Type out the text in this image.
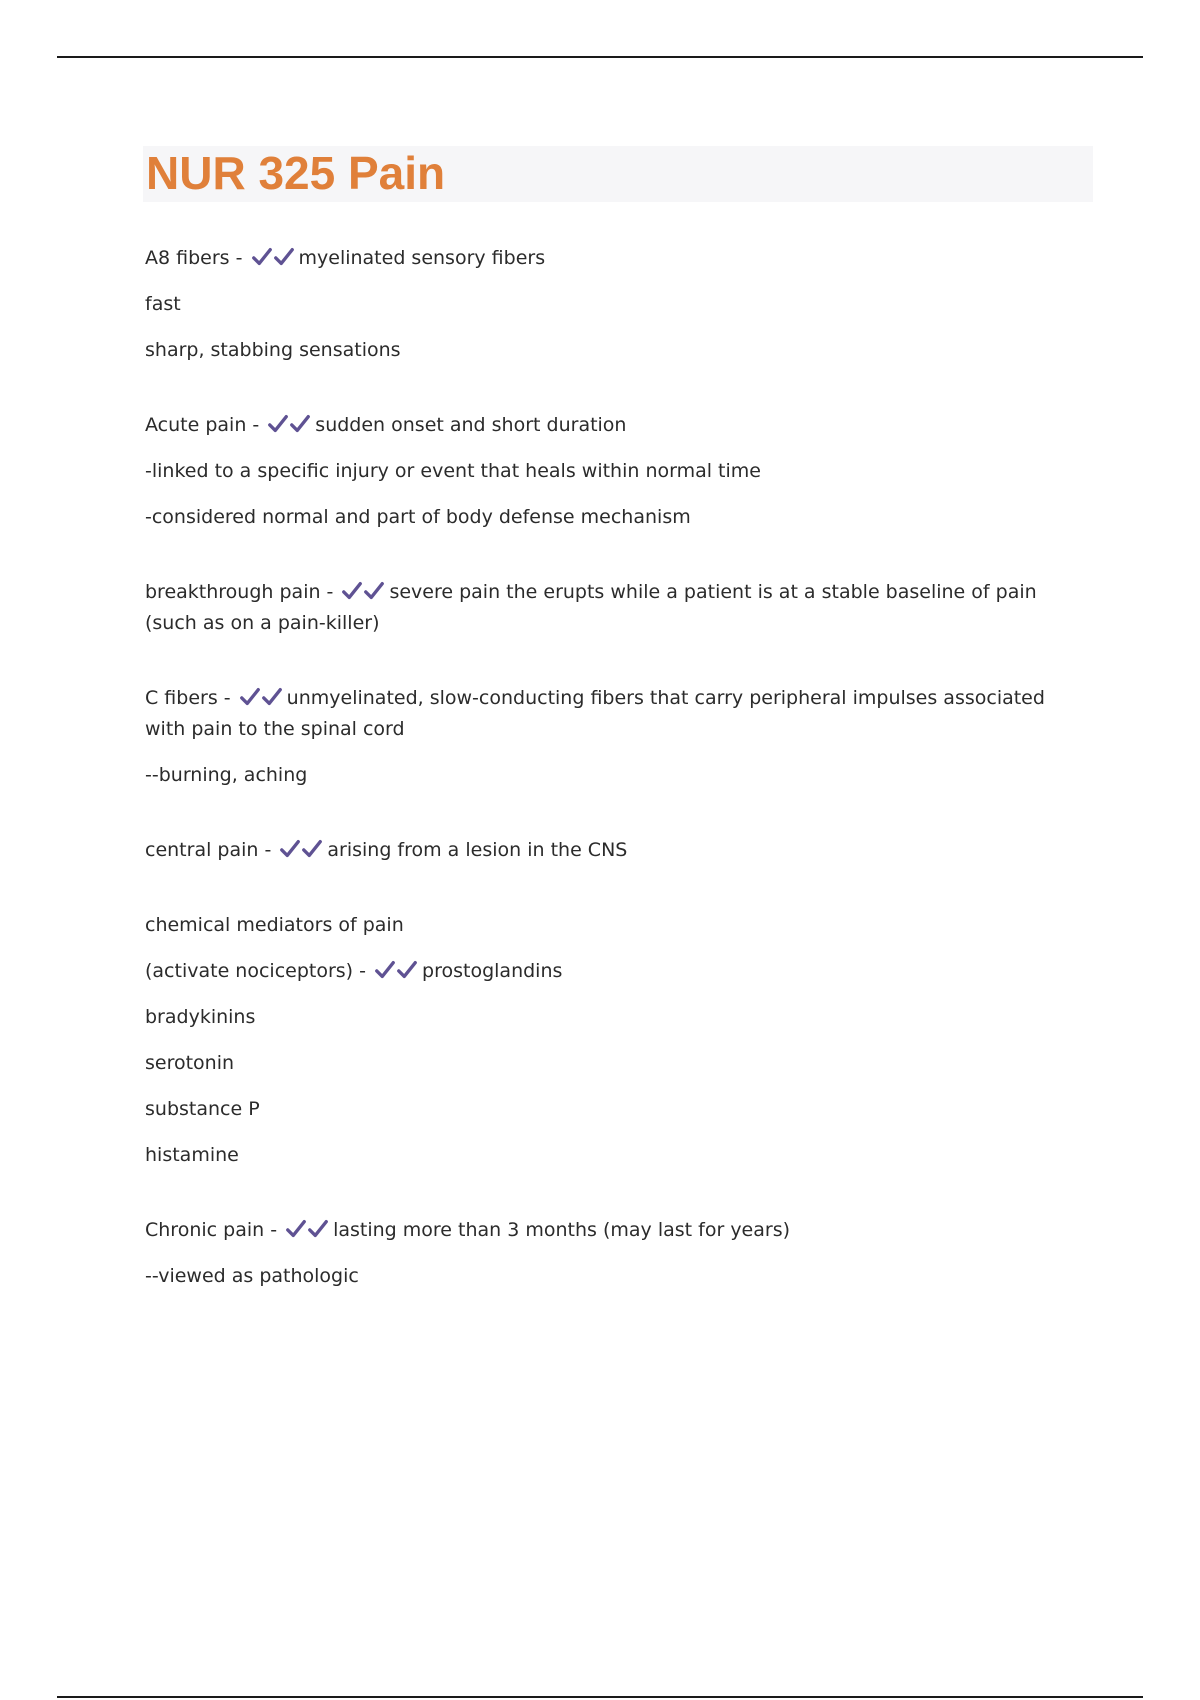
NUR 325 Pain

A8 fibers -	myelinated sensory fibers

fast

sharp, stabbing sensations

Acute pain -	sudden onset and short duration

-linked to a specific injury or event that heals within normal time

-considered normal and part of body defense mechanism

breakthrough pain -	severe pain the erupts while a patient is at a stable baseline of pain (such as on a pain-killer)

C fibers -	unmyelinated, slow-conducting fibers that carry peripheral impulses associated with pain to the spinal cord

--burning, aching

central pain -	arising from a lesion in the CNS

chemical mediators of pain

(activate nociceptors) -	prostoglandins

bradykinins

serotonin

substance P

histamine

Chronic pain -	lasting more than 3 months (may last for years)

--viewed as pathologic
